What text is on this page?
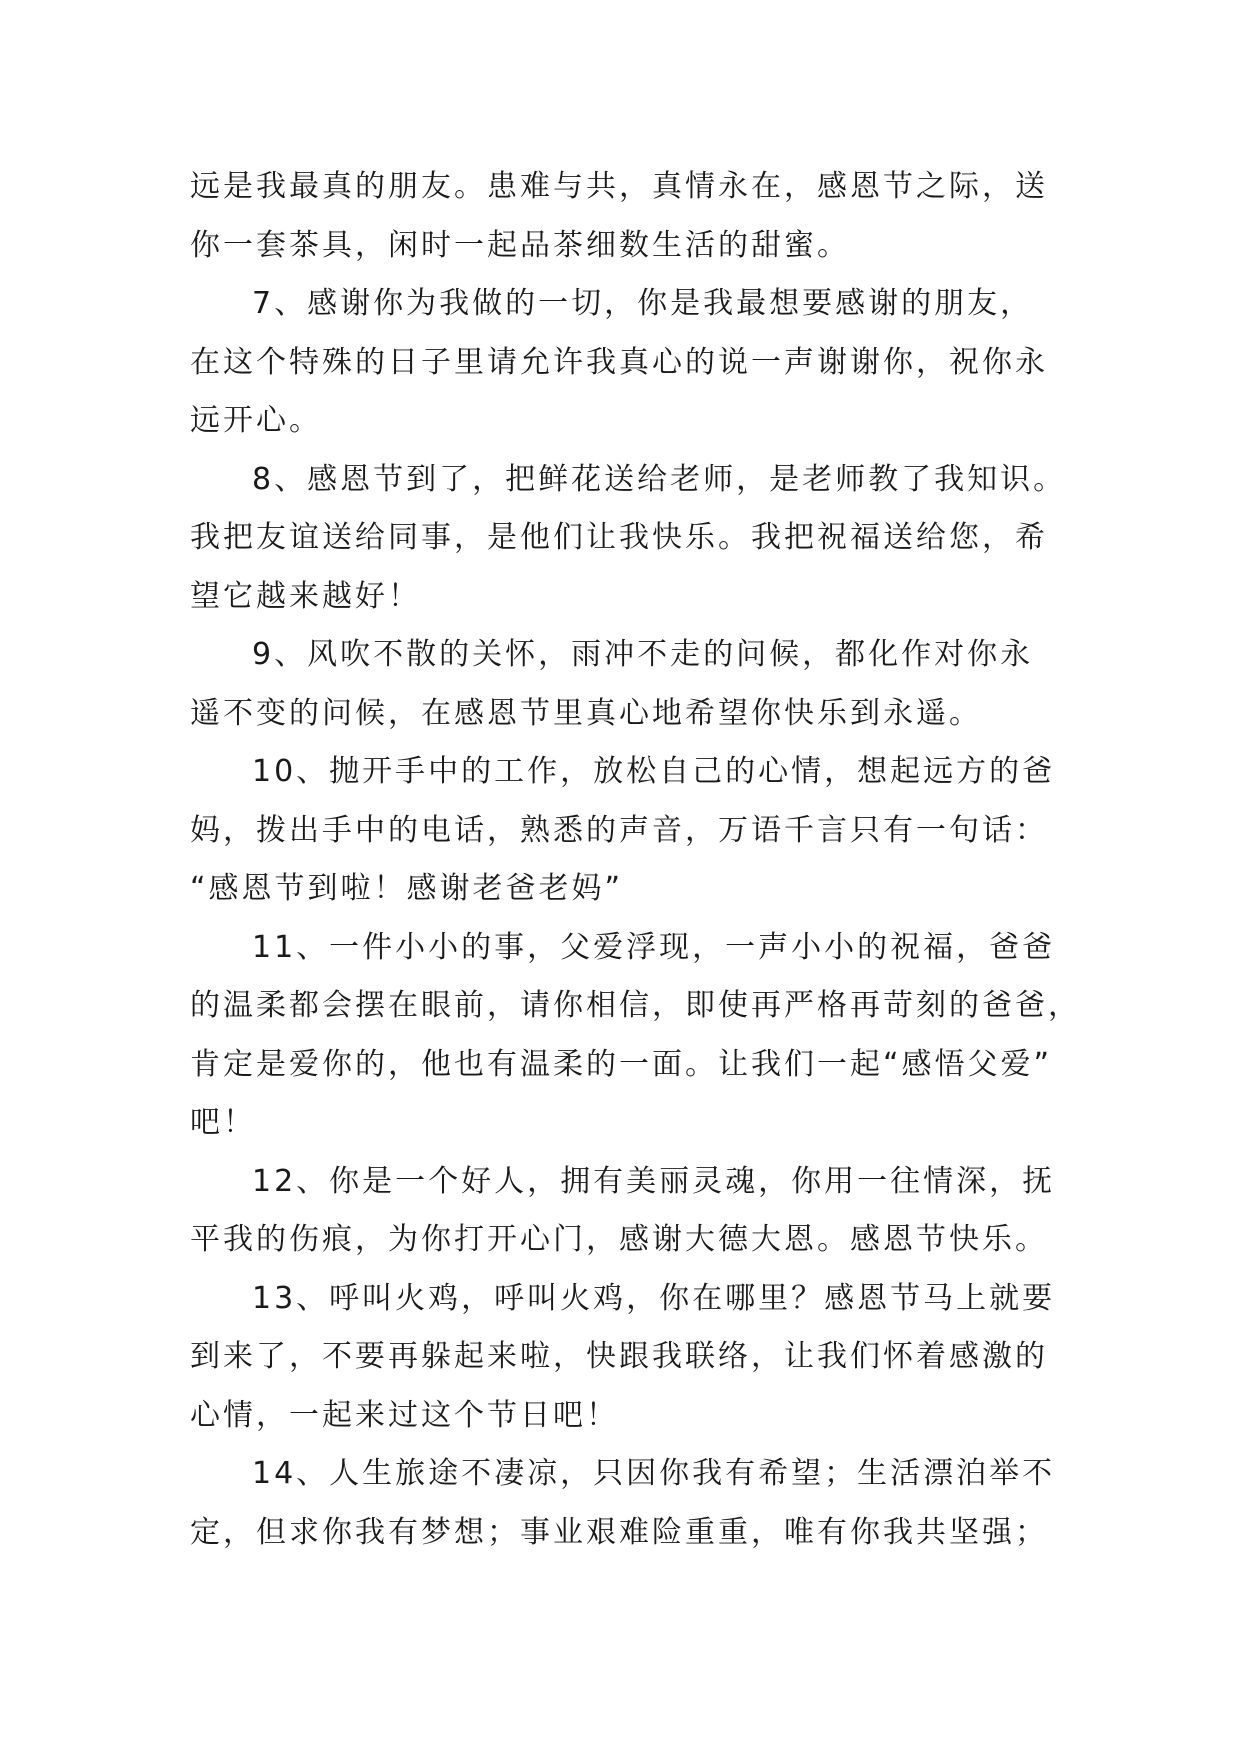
远是我最真的朋友。患难与共，真情永在，感恩节之际，送
你一套茶具，闲时一起品茶细数生活的甜蜜。
7、感谢你为我做的一切，你是我最想要感谢的朋友，
在这个特殊的日子里请允许我真心的说一声谢谢你，祝你永
远开心。
8、感恩节到了，把鲜花送给老师，是老师教了我知识。
我把友谊送给同事，是他们让我快乐。我把祝福送给您，希
望它越来越好！
9、风吹不散的关怀，雨冲不走的问候，都化作对你永
遥不变的问候，在感恩节里真心地希望你快乐到永遥。
10、抛开手中的工作，放松自己的心情，想起远方的爸
妈，拨出手中的电话，熟悉的声音，万语千言只有一句话：
“感恩节到啦！感谢老爸老妈”
11、一件小小的事，父爱浮现，一声小小的祝福，爸爸
的温柔都会摆在眼前，请你相信，即使再严格再苛刻的爸爸，
肯定是爱你的，他也有温柔的一面。让我们一起“感悟父爱”
吧！
12、你是一个好人，拥有美丽灵魂，你用一往情深，抚
平我的伤痕，为你打开心门，感谢大德大恩。感恩节快乐。
13、呼叫火鸡，呼叫火鸡，你在哪里？感恩节马上就要
到来了，不要再躲起来啦，快跟我联络，让我们怀着感激的
心情，一起来过这个节日吧！
14、人生旅途不凄凉，只因你我有希望；生活漂泊举不
定，但求你我有梦想；事业艰难险重重，唯有你我共坚强；
